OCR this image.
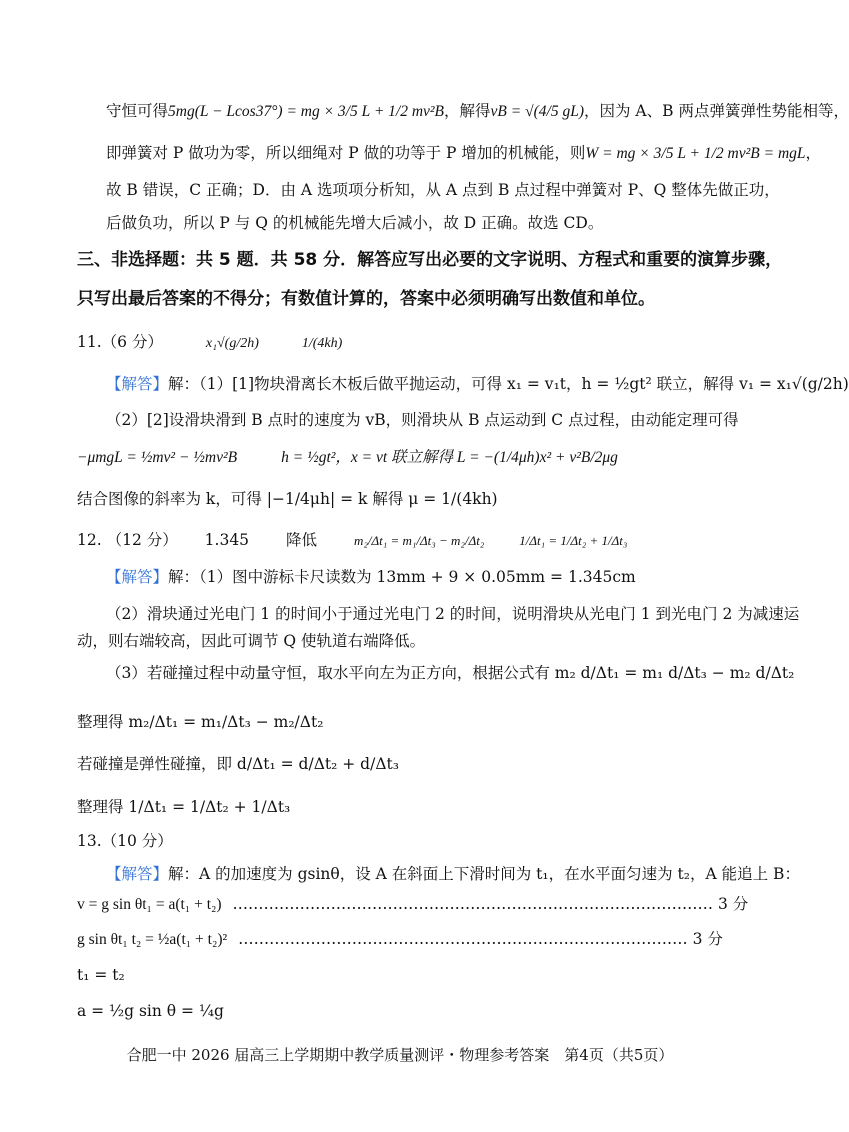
守恒可得5mg(L − Lcos37°) = mg × 3/5 L + 1/2 mv²B，解得vB = √(4/5 gL)，因为 A、B 两点弹簧弹性势能相等，
即弹簧对 P 做功为零，所以细绳对 P 做的功等于 P 增加的机械能，则W = mg × 3/5 L + 1/2 mv²B = mgL，
故 B 错误，C 正确；D．由 A 选项项分析知，从 A 点到 B 点过程中弹簧对 P、Q 整体先做正功，
后做负功，所以 P 与 Q 的机械能先增大后减小，故 D 正确。故选 CD。
三、非选择题：共 5 题．共 58 分．解答应写出必要的文字说明、方程式和重要的演算步骤，
只写出最后答案的不得分；有数值计算的，答案中必须明确写出数值和单位。
11.（6 分）	x₁√(g/2h)	1/(4kh)
【解答】解：（1）[1]物块滑离长木板后做平抛运动，可得 x₁ = v₁t，h = ½gt² 联立，解得 v₁ = x₁√(g/2h)
（2）[2]设滑块滑到 B 点时的速度为 vB，则滑块从 B 点运动到 C 点过程，由动能定理可得
−μmgL = ½mv² − ½mv²B	h = ½gt²，x = vt 联立解得 L = −(1/4μh)x² + v²B/2μg
结合图像的斜率为 k，可得 |−1/4μh| = k 解得 μ = 1/(4kh)
12. （12 分） 1.345 降低	m₂/Δt₁ = m₁/Δt₃ − m₂/Δt₂	1/Δt₁ = 1/Δt₂ + 1/Δt₃
【解答】解：（1）图中游标卡尺读数为 13mm + 9 × 0.05mm = 1.345cm
（2）滑块通过光电门 1 的时间小于通过光电门 2 的时间，说明滑块从光电门 1 到光电门 2 为减速运
动，则右端较高，因此可调节 Q 使轨道右端降低。
（3）若碰撞过程中动量守恒，取水平向左为正方向，根据公式有 m₂ d/Δt₁ = m₁ d/Δt₃ − m₂ d/Δt₂
整理得 m₂/Δt₁ = m₁/Δt₃ − m₂/Δt₂
若碰撞是弹性碰撞，即 d/Δt₁ = d/Δt₂ + d/Δt₃
整理得 1/Δt₁ = 1/Δt₂ + 1/Δt₃
13.（10 分）
【解答】解：A 的加速度为 gsinθ，设 A 在斜面上下滑时间为 t₁，在水平面匀速为 t₂，A 能追上 B：
v = g sin θt₁ = a(t₁ + t₂) ………………………………………………………………………………… 3 分
g sin θt₁ t₂ = ½a(t₁ + t₂)² …………………………………………………………………………… 3 分
t₁ = t₂
a = ½g sin θ = ¼g
合肥一中 2026 届高三上学期期中教学质量测评・物理参考答案　第4页（共5页）
